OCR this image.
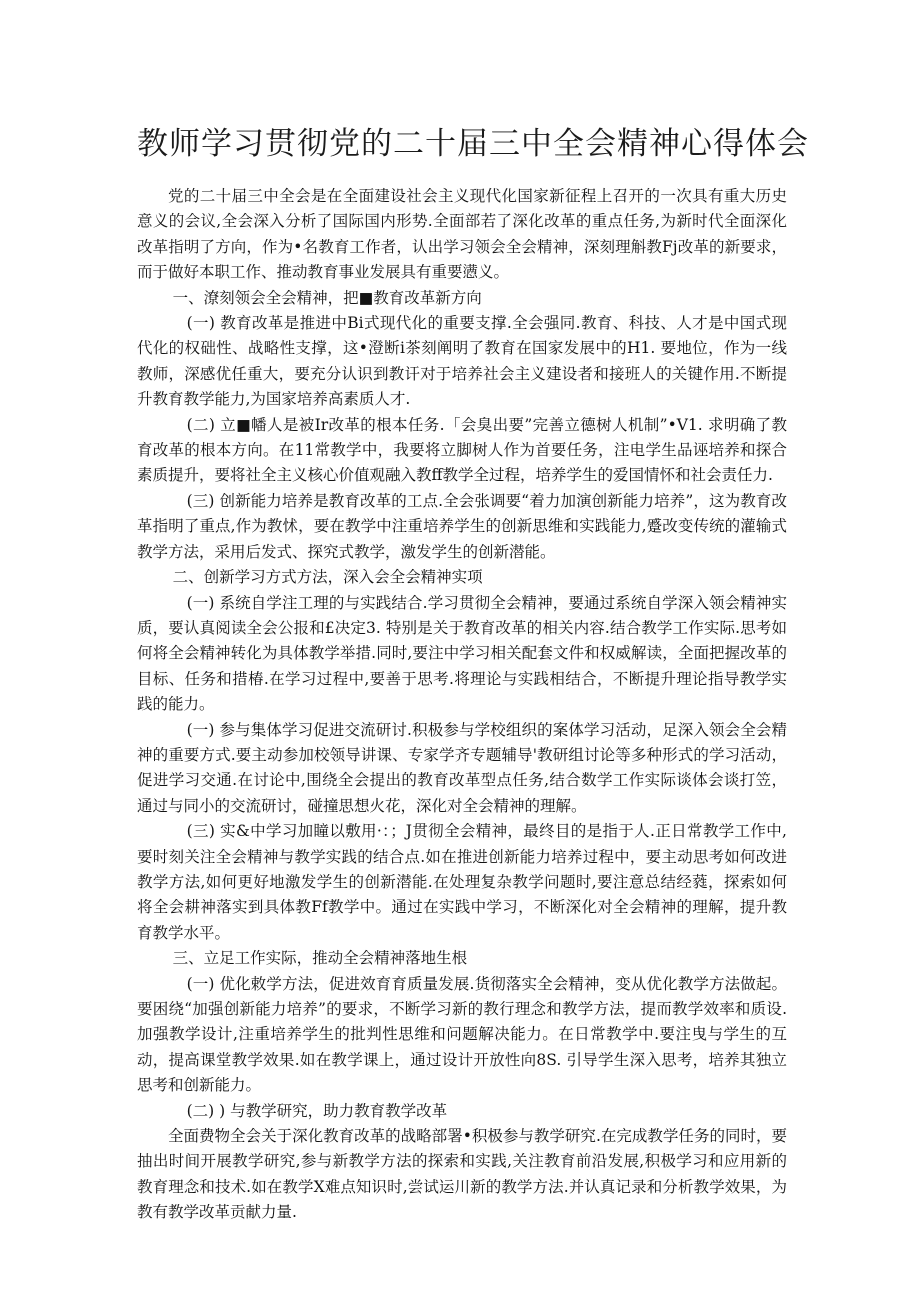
教师学习贯彻党的二十届三中全会精神心得体会

党的二十届三中全会是在全面建设社会主义现代化国家新征程上召开的一次具有重大历史意义的会议,全会深入分析了国际国内形势.全面部若了深化改革的重点任务,为新时代全面深化改革指明了方向，作为•名教育工作者，认出学习领会全会精神，深刻理斛教Fj改革的新要求，而于做好本职工作、推动教育事业发展具有重要懑义。

一、潦刻领会全会精神，把■教育改革新方向

(一) 教育改革是推进中Bi式现代化的重要支撑.全会强同.教育、科技、人才是中国式现代化的权础性、战略性支撑，这•澄断i茶刻阐明了教育在国家发展中的H1. 要地位，作为一线教师，深感优任重大，要充分认识到教讦对于培养社会主义建设者和接班人的关键作用.不断提升教育教学能力,为国家培养高素质人才.

(二) 立■幡人是被Ir改革的根本任务.「会臭出要”完善立德树人机制”•V1. 求明确了教育改革的根本方向。在11常教学中，我要将立脚树人作为首要任务，注电学生品诬培养和探合素质提升，要将社全主义核心价值观融入教ff教学全过程，培养学生的爱国情怀和社会责任力.

(三) 创新能力培养是教育改革的工点.全会张调要“着力加演创新能力培养”，这为教育改革指明了重点,作为教怵，要在教学中注重培养学生的创新思维和实践能力,蹙改变传统的灌输式教学方法，采用后发式、探究式教学，激发学生的创新潜能。

二、创新学习方式方法，深入会全会精神实项

(一) 系统自学注工理的与实践结合.学习贯彻全会精神，要通过系统自学深入领会精神实质，要认真阅读全会公报和£决定3. 特别是关于教育改革的相关内容.结合教学工作实际.思考如何将全会精神转化为具体教学举措.同时,要注中学习相关配套文件和权威解读，全面把握改革的目标、任务和措椿.在学习过程中,要善于思考.将理论与实践相结合，不断提升理论指导教学实践的能力。

(一) 参与集体学习促进交流研讨.积极参与学校组织的案体学习活动，足深入领会全会精神的重要方式.要主动参加校领导讲课、专家学齐专题辅导'教研组讨论等多种形式的学习活动，促进学习交通.在讨论中,围绕全会提出的教育改革型点任务,结合数学工作实际谈体会谈打笠，通过与同小的交流研讨，碰撞思想火花，深化对全会精神的理解。

(三) 实&中学习加瞳以敷用·：；J贯彻全会精神，最终目的是指于人.正日常教学工作中,要时刻关注全会精神与教学实践的结合点.如在推进创新能力培养过程中，要主动思考如何改进教学方法,如何更好地激发学生的创新潜能.在处理复杂教学问题时,要注意总结经蕤，探索如何将全会耕神落实到具体教Ff教学中。通过在实践中学习，不断深化对全会精神的理解，提升教育教学水平。

三、立足工作实际，推动全会精神落地生根

(一) 优化敕学方法，促进效育育质量发展.货彻落实全会精神，变从优化教学方法做起。要困绕“加强创新能力培养”的要求，不断学习新的教行理念和教学方法，提而教学效率和质设.加强教学设计,注重培养学生的批判性思维和问题解决能力。在日常教学中.要注曳与学生的互动，提高课堂教学效果.如在教学课上，通过设计开放性向8S. 引导学生深入思考，培养其独立思考和创新能力。

(二) ) 与教学研究，助力教育教学改革

全面费物全会关于深化教育改革的战略部署•积极参与教学研究.在完成教学任务的同时，要抽出时间开展教学研究,参与新教学方法的探索和实践,关注教育前沿发展,积极学习和应用新的教育理念和技术.如在教学X难点知识时,尝试运川新的教学方法.并认真记录和分析教学效果，为教有教学改革贡献力量.
